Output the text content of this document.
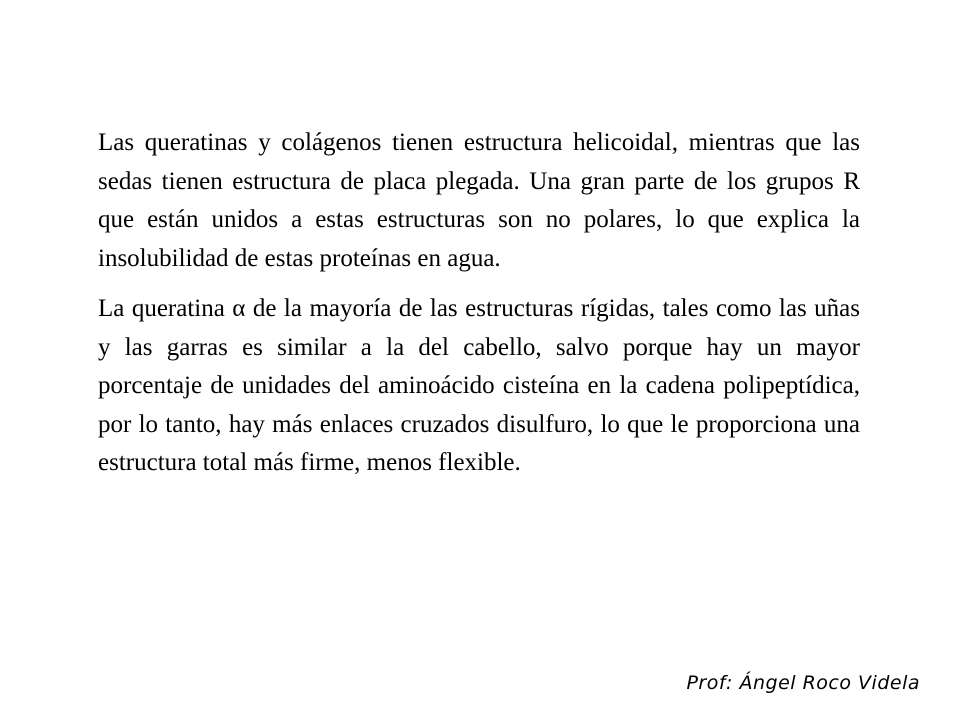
Las queratinas y colágenos tienen estructura helicoidal, mientras que las sedas tienen estructura de placa plegada. Una gran parte de los grupos R que están unidos a estas estructuras son no polares, lo que explica la insolubilidad de estas proteínas en agua.

La queratina α de la mayoría de las estructuras rígidas, tales como las uñas y las garras es similar a la del cabello, salvo porque hay un mayor porcentaje de unidades del aminoácido cisteína en la cadena polipeptídica, por lo tanto, hay más enlaces cruzados disulfuro, lo que le proporciona una estructura total más firme, menos flexible.

Prof: Ángel Roco Videla
